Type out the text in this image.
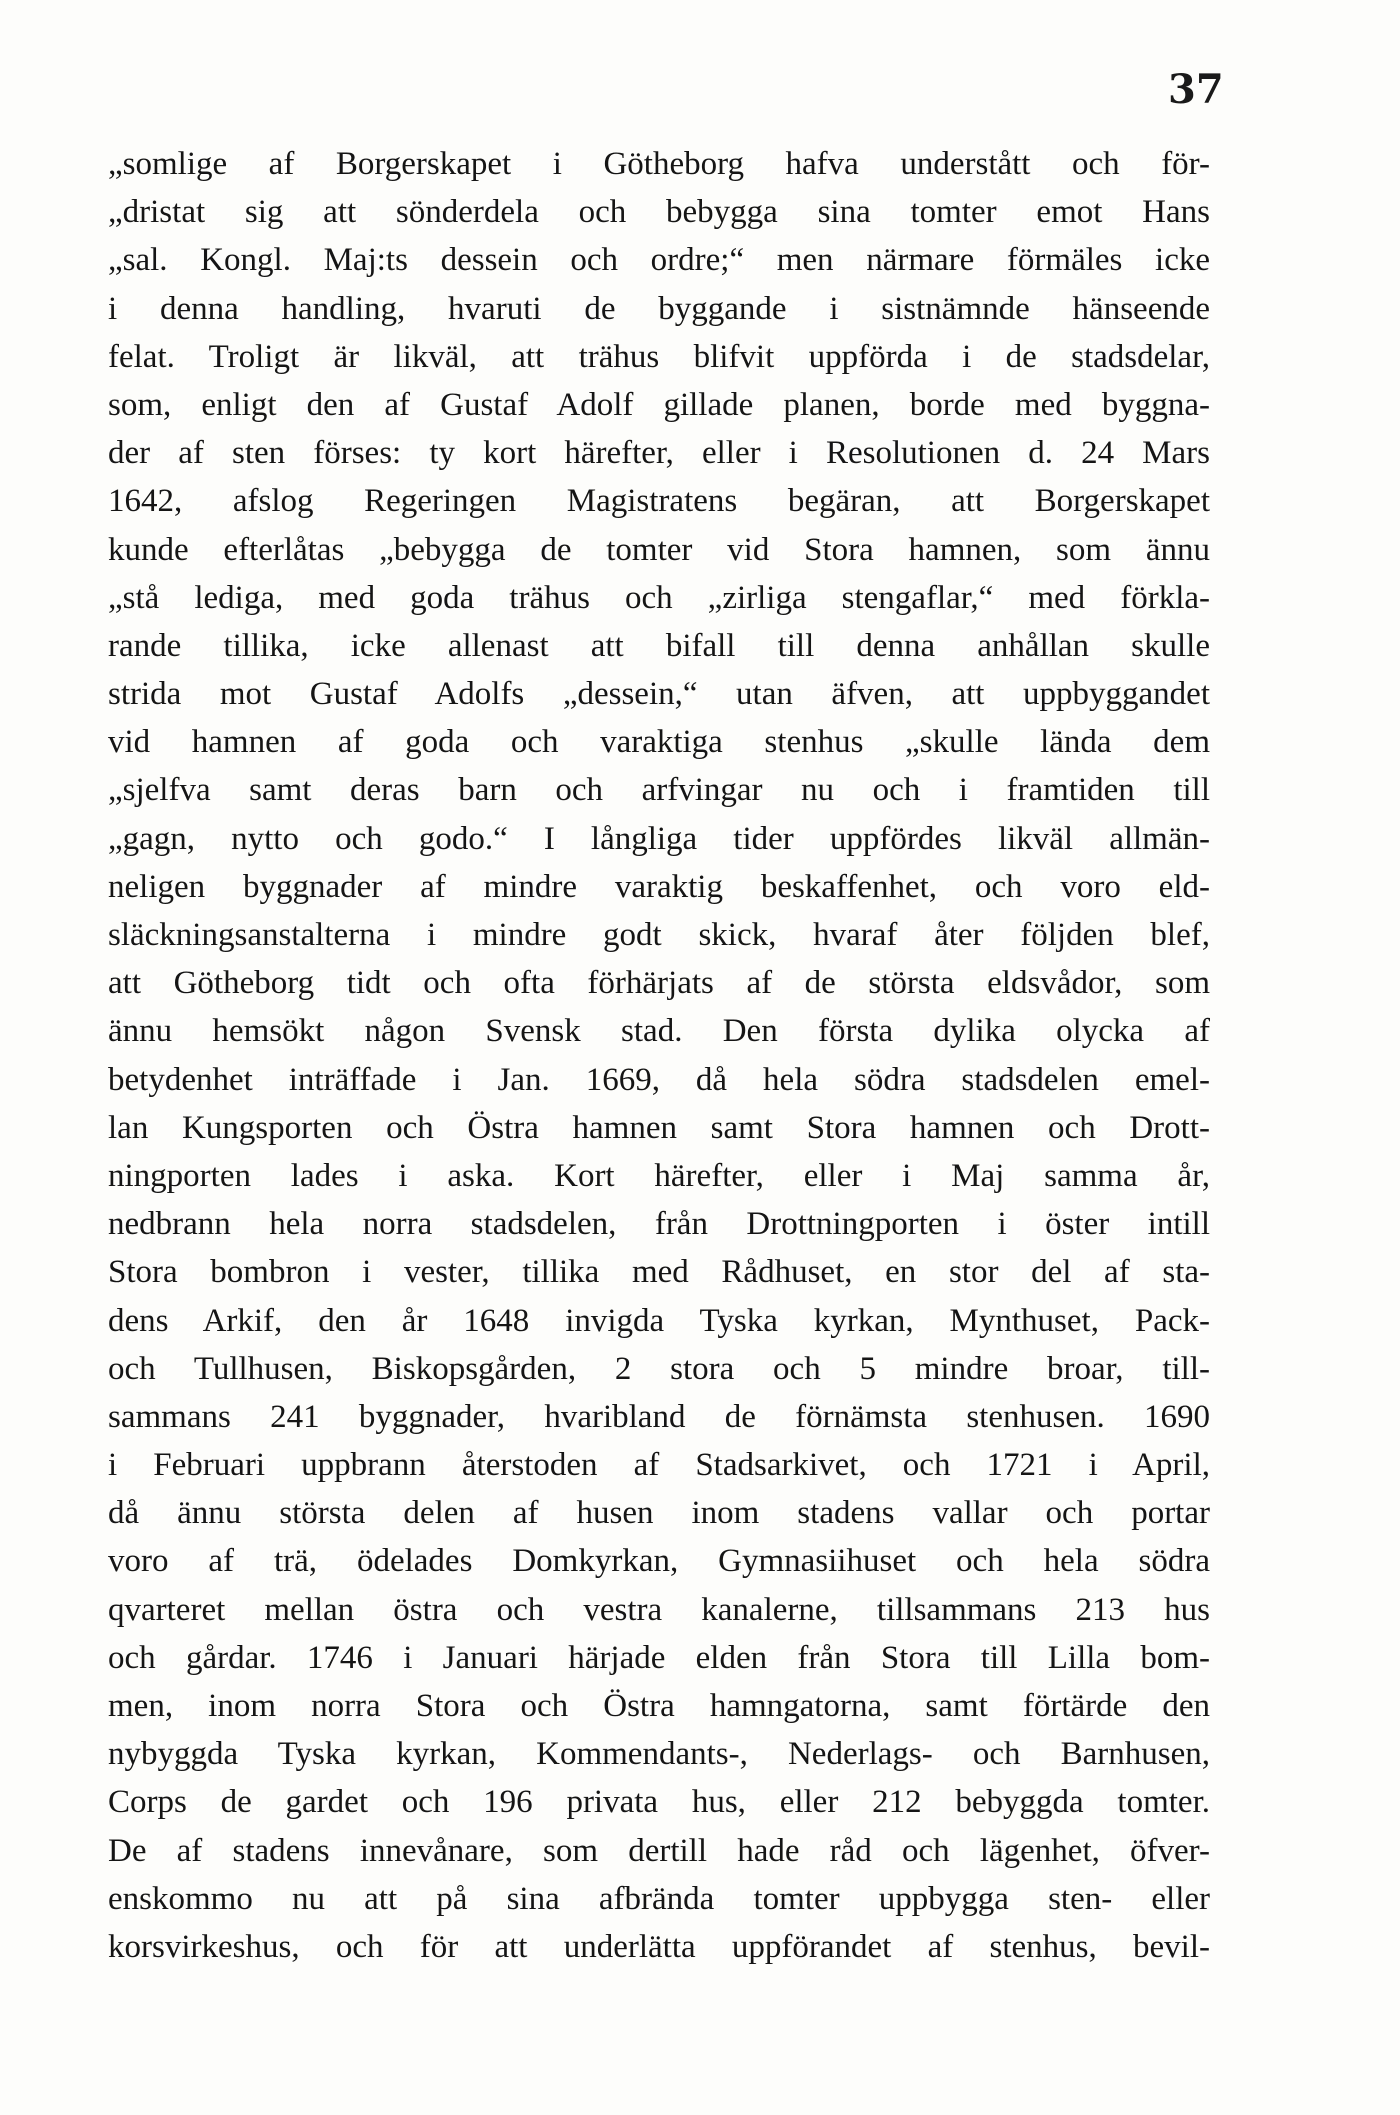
37
„somlige af Borgerskapet i Götheborg hafva understått och för-
„dristat sig att sönderdela och bebygga sina tomter emot Hans
„sal. Kongl. Maj:ts dessein och ordre;“ men närmare förmäles icke
i denna handling, hvaruti de byggande i sistnämnde hänseende
felat. Troligt är likväl, att trähus blifvit uppförda i de stadsdelar,
som, enligt den af Gustaf Adolf gillade planen, borde med byggna-
der af sten förses: ty kort härefter, eller i Resolutionen d. 24 Mars
1642, afslog Regeringen Magistratens begäran, att Borgerskapet
kunde efterlåtas „bebygga de tomter vid Stora hamnen, som ännu
„stå lediga, med goda trähus och „zirliga stengaflar,“ med förkla-
rande tillika, icke allenast att bifall till denna anhållan skulle
strida mot Gustaf Adolfs „dessein,“ utan äfven, att uppbyggandet
vid hamnen af goda och varaktiga stenhus „skulle lända dem
„sjelfva samt deras barn och arfvingar nu och i framtiden till
„gagn, nytto och godo.“ I långliga tider uppfördes likväl allmän-
neligen byggnader af mindre varaktig beskaffenhet, och voro eld-
släckningsanstalterna i mindre godt skick, hvaraf åter följden blef,
att Götheborg tidt och ofta förhärjats af de största eldsvådor, som
ännu hemsökt någon Svensk stad. Den första dylika olycka af
betydenhet inträffade i Jan. 1669, då hela södra stadsdelen emel-
lan Kungsporten och Östra hamnen samt Stora hamnen och Drott-
ningporten lades i aska. Kort härefter, eller i Maj samma år,
nedbrann hela norra stadsdelen, från Drottningporten i öster intill
Stora bombron i vester, tillika med Rådhuset, en stor del af sta-
dens Arkif, den år 1648 invigda Tyska kyrkan, Mynthuset, Pack-
och Tullhusen, Biskopsgården, 2 stora och 5 mindre broar, till-
sammans 241 byggnader, hvaribland de förnämsta stenhusen. 1690
i Februari uppbrann återstoden af Stadsarkivet, och 1721 i April,
då ännu största delen af husen inom stadens vallar och portar
voro af trä, ödelades Domkyrkan, Gymnasiihuset och hela södra
qvarteret mellan östra och vestra kanalerne, tillsammans 213 hus
och gårdar. 1746 i Januari härjade elden från Stora till Lilla bom-
men, inom norra Stora och Östra hamngatorna, samt förtärde den
nybyggda Tyska kyrkan, Kommendants-, Nederlags- och Barnhusen,
Corps de gardet och 196 privata hus, eller 212 bebyggda tomter.
De af stadens innevånare, som dertill hade råd och lägenhet, öfver-
enskommo nu att på sina afbrända tomter uppbygga sten- eller
korsvirkeshus, och för att underlätta uppförandet af stenhus, bevil-
